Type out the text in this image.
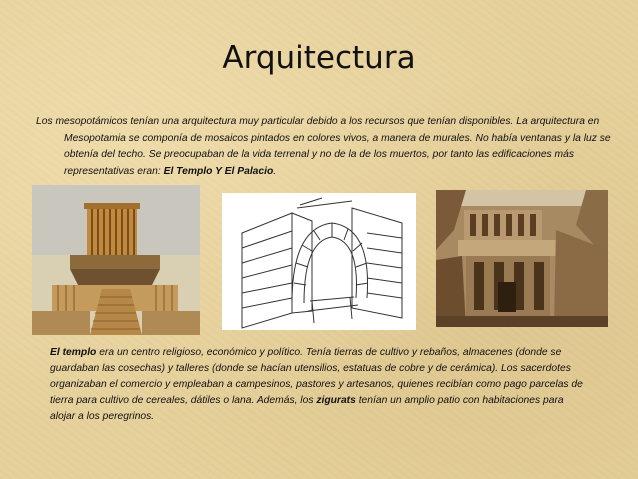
Arquitectura
Los mesopotámicos tenían una arquitectura muy particular debido a los recursos que tenían disponibles. La arquitectura en Mesopotamia se componía de mosaicos pintados en colores vivos, a manera de murales. No había ventanas y la luz se obtenía del techo. Se preocupaban de la vida terrenal y no de la de los muertos, por tanto las edificaciones más representativas eran: El Templo Y El Palacio.
El templo era un centro religioso, económico y político. Tenía tierras de cultivo y rebaños, almacenes (donde se guardaban las cosechas) y talleres (donde se hacían utensilios, estatuas de cobre y de cerámica). Los sacerdotes organizaban el comercio y empleaban a campesinos, pastores y artesanos, quienes recibían como pago parcelas de tierra para cultivo de cereales, dátiles o lana. Además, los zigurats tenían un amplio patio con habitaciones para alojar a los peregrinos.
